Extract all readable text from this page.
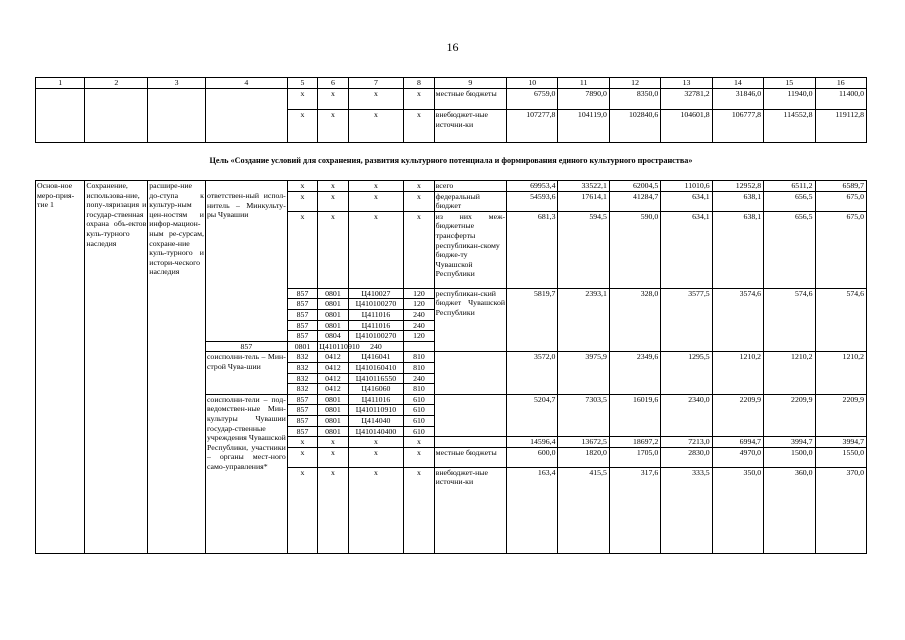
16
1	2	3	4	5	6	7	8	9	10	11	12	13	14	15	16
				х	х	х	х	местные бюджеты	6759,0	7890,0	8350,0	32781,2	31846,0	11940,0	11400,0
				х	х	х	х	внебюджет-ные источни-ки	107277,8	104119,0	102840,6	104601,8	106777,8	114552,8	119112,8
Цель «Создание условий для сохранения, развития культурного потенциала и формирования единого культурного пространства»
Основ-ное меро-прия-тие 1	Сохранение, использова-ние, попу-ляризация и государ-ственная охрана объ-ектов куль-турного наследия	расшире-ние до-ступа к культур-ным цен-ностям и инфор-мацион-ным ре-сурсам, сохране-ние куль-турного и истори-ческого наследия		х	х	х	х	всего	69953,4	33522,1	62004,5	11010,6	12952,8	6511,2	6589,7
			ответствен-ный испол-нитель – Минкульту-ры Чувашии	х	х	х	х	федеральный бюджет	54593,6	17614,1	41284,7	634,1	638,1	656,5	675,0
				х	х	х	х	из них меж-бюджетные трансферты республикан-скому бюдже-ту Чувашской Республики	681,3	594,5	590,0	634,1	638,1	656,5	675,0
				857	0801	Ц410027	120	республикан-ский бюджет Чувашской Республики	5819,7	2393,1	328,0	3577,5	3574,6	574,6	574,6
				857	0801	Ц410100270	120								
				857	0801	Ц411016	240								
				857	0801	Ц411016	240								
				857	0804	Ц410100270	120								
			857	0801	Ц410110910	240									
			соисполни-тель – Мин-строй Чува-шии	832	0412	Ц416041	810		3572,0	3975,9	2349,6	1295,5	1210,2	1210,2	1210,2
				832	0412	Ц410160410	810								
				832	0412	Ц410116550	240								
				832	0412	Ц416060	810								
			соисполни-тели – под-ведомствен-ные Мин-культуры Чувашии государ-ственные учреждения Чувашской Республики, участники – органы мест-ного само-управления*	857	0801	Ц411016	610		5204,7	7303,5	16019,6	2340,0	2209,9	2209,9	2209,9
				857	0801	Ц410110910	610								
				857	0801	Ц414040	610								
				857	0801	Ц410140400	610								
				х	х	х	х		14596,4	13672,5	18697,2	7213,0	6994,7	3994,7	3994,7
				х	х	х	х	местные бюджеты	600,0	1820,0	1705,0	2830,0	4970,0	1500,0	1550,0
				х	х	х	х	внебюджет-ные источни-ки	163,4	415,5	317,6	333,5	350,0	360,0	370,0
